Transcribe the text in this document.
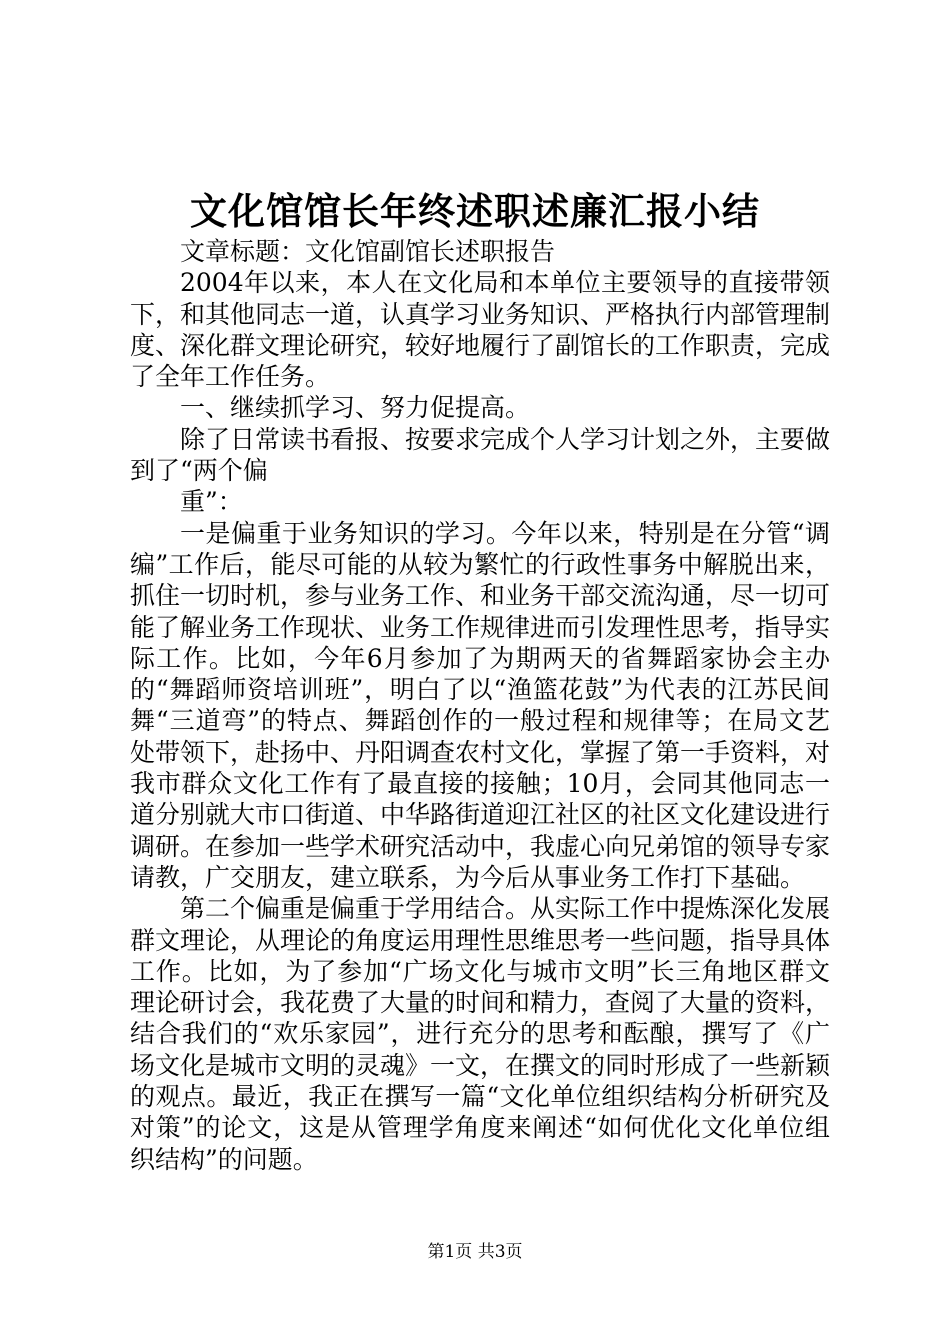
文化馆馆长年终述职述廉汇报小结

文章标题：文化馆副馆长述职报告

2004年以来，本人在文化局和本单位主要领导的直接带领下，和其他同志一道，认真学习业务知识、严格执行内部管理制度、深化群文理论研究，较好地履行了副馆长的工作职责，完成了全年工作任务。

一、继续抓学习、努力促提高。

除了日常读书看报、按要求完成个人学习计划之外，主要做到了“两个偏

重”：

一是偏重于业务知识的学习。今年以来，特别是在分管“调编”工作后，能尽可能的从较为繁忙的行政性事务中解脱出来，抓住一切时机，参与业务工作、和业务干部交流沟通，尽一切可能了解业务工作现状、业务工作规律进而引发理性思考，指导实际工作。比如，今年6月参加了为期两天的省舞蹈家协会主办的“舞蹈师资培训班”，明白了以“渔篮花鼓”为代表的江苏民间舞“三道弯”的特点、舞蹈创作的一般过程和规律等；在局文艺处带领下，赴扬中、丹阳调查农村文化，掌握了第一手资料，对我市群众文化工作有了最直接的接触；10月，会同其他同志一道分别就大市口街道、中华路街道迎江社区的社区文化建设进行调研。在参加一些学术研究活动中，我虚心向兄弟馆的领导专家请教，广交朋友，建立联系，为今后从事业务工作打下基础。

第二个偏重是偏重于学用结合。从实际工作中提炼深化发展群文理论，从理论的角度运用理性思维思考一些问题，指导具体工作。比如，为了参加“广场文化与城市文明”长三角地区群文理论研讨会，我花费了大量的时间和精力，查阅了大量的资料，结合我们的“欢乐家园”，进行充分的思考和酝酿，撰写了《广场文化是城市文明的灵魂》一文，在撰文的同时形成了一些新颖的观点。最近，我正在撰写一篇“文化单位组织结构分析研究及对策”的论文，这是从管理学角度来阐述“如何优化文化单位组织结构”的问题。

第1页 共3页
